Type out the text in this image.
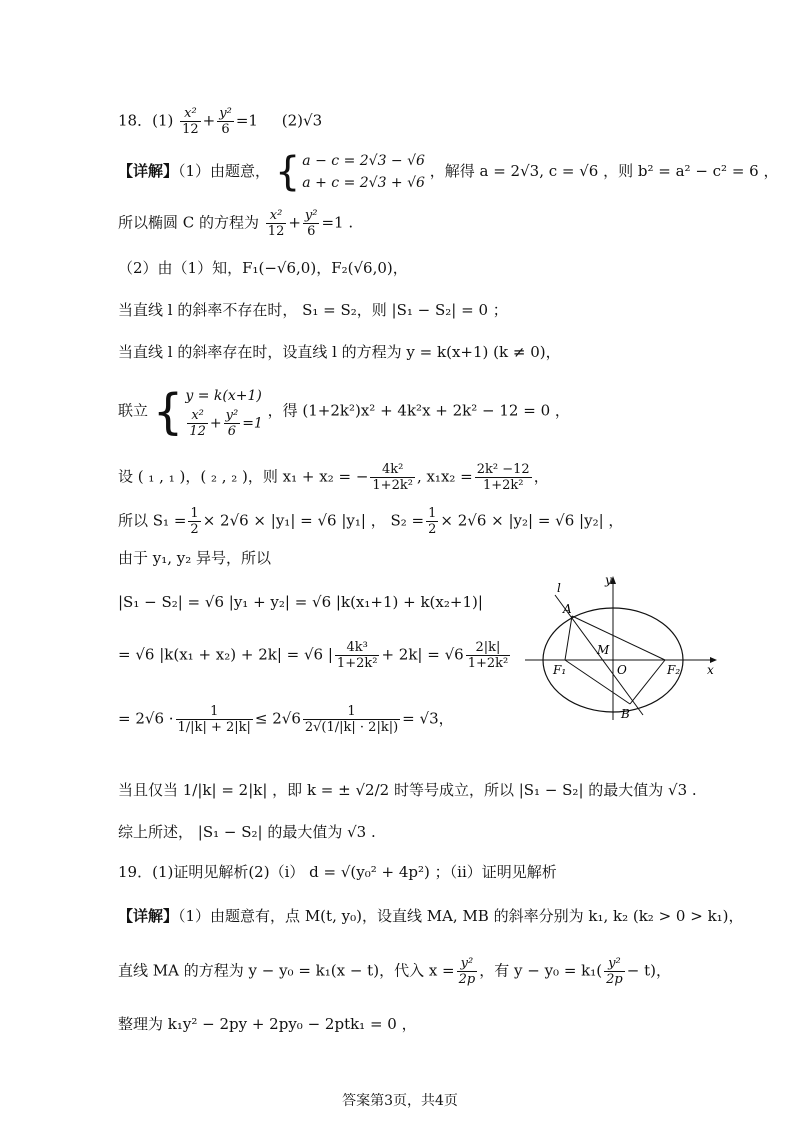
18．$(1) \frac{\text{x²}}{12} + \frac{\text{y²}}{6} =1$ (2)√3
【详解】（1）由题意， { a − c = 2√3 − √6
a + c = 2√3 + √6
，解得 a = 2√3, c = √6 ，则 b² = a² − c² = 6 ，
所以椭圆 C 的方程为 $\frac{\text{x²}}{12} + \frac{\text{y²}}{6} =1$ .
（2）由（1）知，F₁(−√6,0)，F₂(√6,0)，
当直线 l 的斜率不存在时， S₁ = S₂，则 |S₁ − S₂| = 0 ；
当直线 l 的斜率存在时，设直线 l 的方程为 y = k(x+1) (k ≠ 0)，
联立 { y = k(x+1)
$\frac{\text{x²}}{12} + \frac{\text{y²}}{6} =1$
，得 (1+2k²)x² + 4k²x + 2k² − 12 = 0 ，
设 ( ₁ , ₁ )，( ₂ , ₂ )，则 x₁ + x₂ = − $\frac{\text{4k²}}{\text{1+2k²}}$ , $x_1x_2 = \frac{\text{2k² −12}}{\text{1+2k²}}$ ，
所以 $S_1 = \frac{1}{2} \times 2√6 \times |y_1| = √6$ |y₁| ， $S_2 = \frac{1}{2} \times 2√6 \times |y_2| = √6$ |y₂| ，
由于 y₁, y₂ 异号，所以
|S₁ − S₂| = √6 |y₁ + y₂| = √6 |k(x₁+1) + k(x₂+1)|
= √6 |k(x₁ + x₂) + 2k| = √6 | $\frac{\text{4k³}}{\text{1+2k²}} + 2k| = √6 \frac{2|k|}{\text{1+2k²}}$
= $2√6 \cdot \frac{1}{1/|k| + 2|k|} \le 2√6 \frac{1}{2√(1/|k| \cdot 2|k|)} = √3$，
当且仅当 1/|k| = 2|k| ，即 k = ± √2/2 时等号成立，所以 |S₁ − S₂| 的最大值为 √3 .
综上所述， |S₁ − S₂| 的最大值为 √3 .
19．(1)证明见解析(2)（i） d = √(y₀² + 4p²) ；（ii）证明见解析
【详解】（1）由题意有，点 M(t, y₀)，设直线 MA, MB 的斜率分别为 k₁, k₂ (k₂ > 0 > k₁)，
直线 MA 的方程为 y − y₀ = k₁(x − t)，代入 $x = \frac{\text{y²}}{2p}$ ，有 $y - y_0 = k_1( \frac{\text{y²}}{2p} - t)$，
整理为 k₁y² − 2py + 2py₀ − 2ptk₁ = 0 ，
l
A
M
O
F₁	F₂
B
x
y
答案第3页，共4页
